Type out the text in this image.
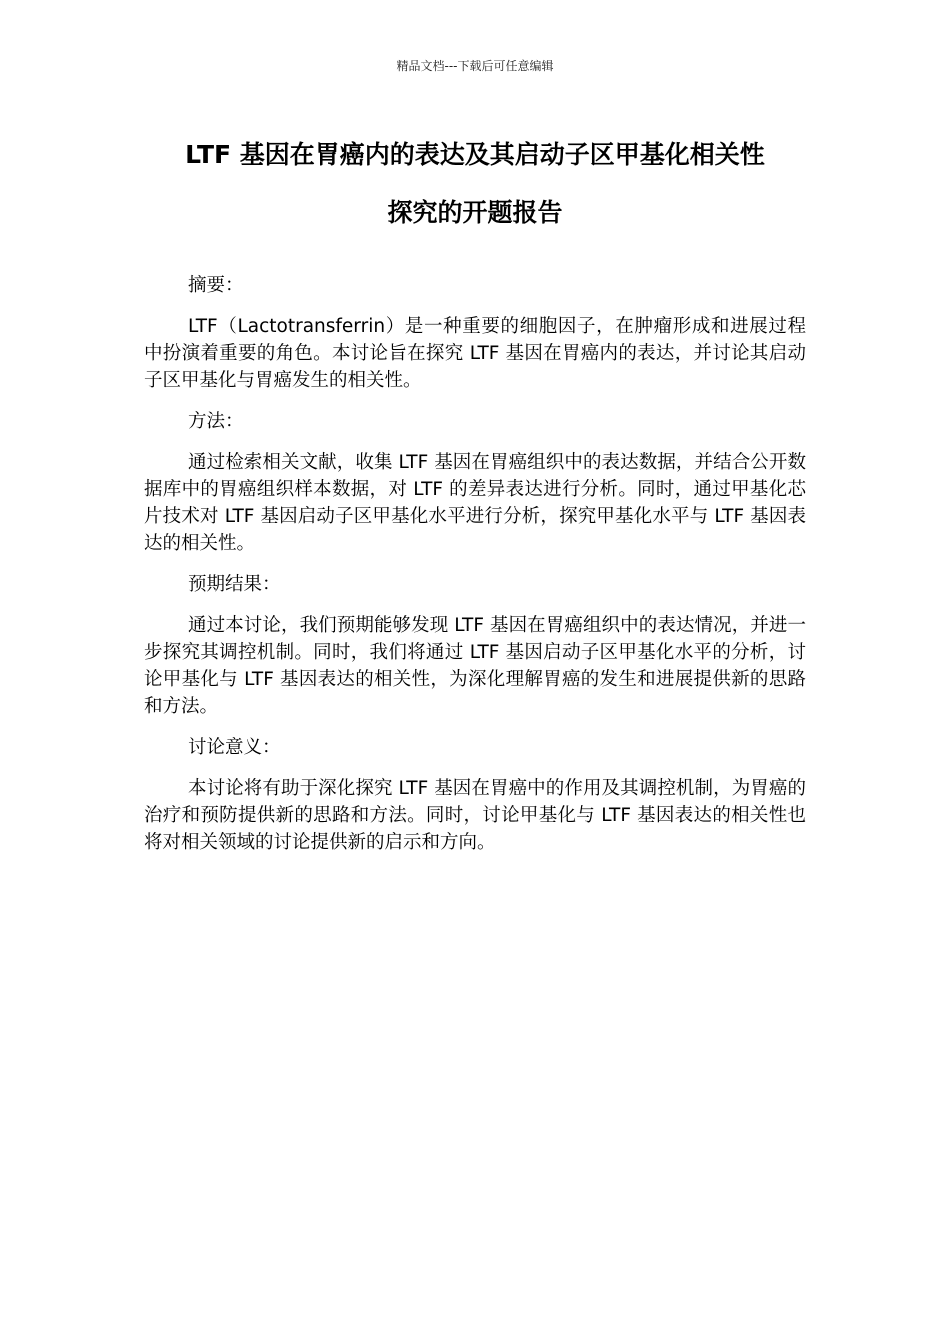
精品文档---下载后可任意编辑
LTF 基因在胃癌内的表达及其启动子区甲基化相关性
探究的开题报告

摘要：

LTF（Lactotransferrin）是一种重要的细胞因子，在肿瘤形成和进展过程中扮演着重要的角色。本讨论旨在探究 LTF 基因在胃癌内的表达，并讨论其启动子区甲基化与胃癌发生的相关性。

方法：

通过检索相关文献，收集 LTF 基因在胃癌组织中的表达数据，并结合公开数据库中的胃癌组织样本数据，对 LTF 的差异表达进行分析。同时，通过甲基化芯片技术对 LTF 基因启动子区甲基化水平进行分析，探究甲基化水平与 LTF 基因表达的相关性。

预期结果：

通过本讨论，我们预期能够发现 LTF 基因在胃癌组织中的表达情况，并进一步探究其调控机制。同时，我们将通过 LTF 基因启动子区甲基化水平的分析，讨论甲基化与 LTF 基因表达的相关性，为深化理解胃癌的发生和进展提供新的思路和方法。

讨论意义：

本讨论将有助于深化探究 LTF 基因在胃癌中的作用及其调控机制，为胃癌的治疗和预防提供新的思路和方法。同时，讨论甲基化与 LTF 基因表达的相关性也将对相关领域的讨论提供新的启示和方向。
